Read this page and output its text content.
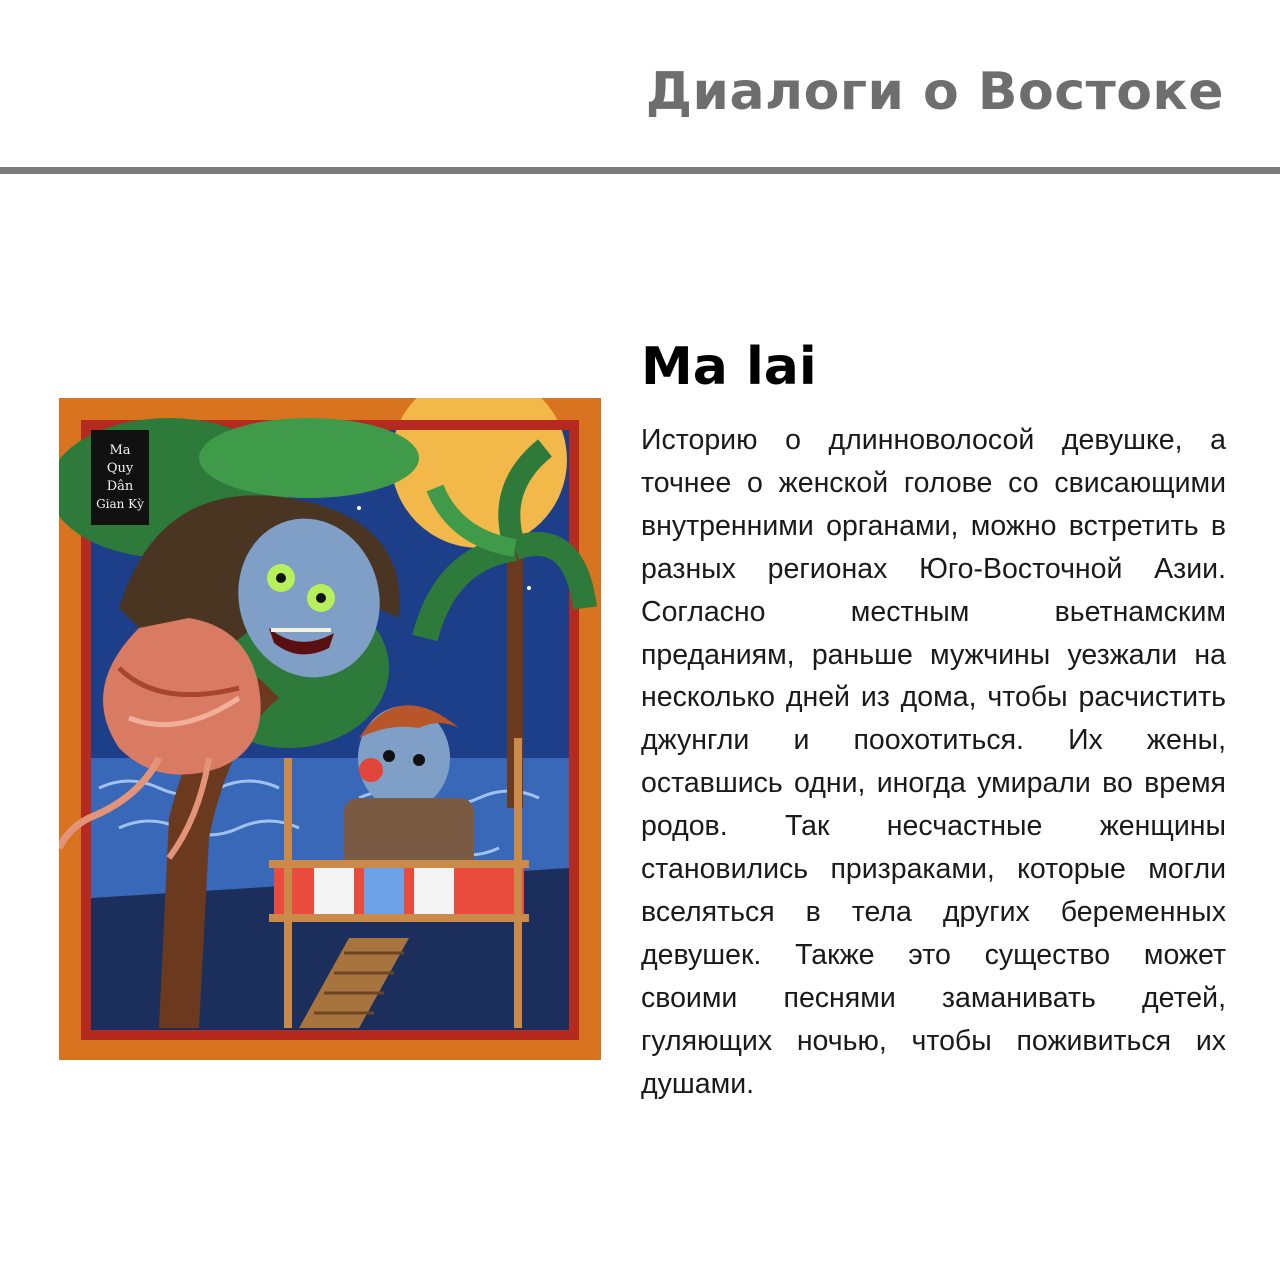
Диалоги о Востоке
Ma
Quy
Dân
Gian Kỳ
Ma lai
Историю о длинноволосой девушке, а точнее о женской голове со свисающими внутренними органами, можно встретить в разных регионах Юго-Восточной Азии. Согласно местным вьетнамским преданиям, раньше мужчины уезжали на несколько дней из дома, чтобы расчистить джунгли и поохотиться. Их жены, оставшись одни, иногда умирали во время родов. Так несчастные женщины становились призраками, которые могли вселяться в тела других беременных девушек. Также это существо может своими песнями заманивать детей, гуляющих ночью, чтобы поживиться их душами.
